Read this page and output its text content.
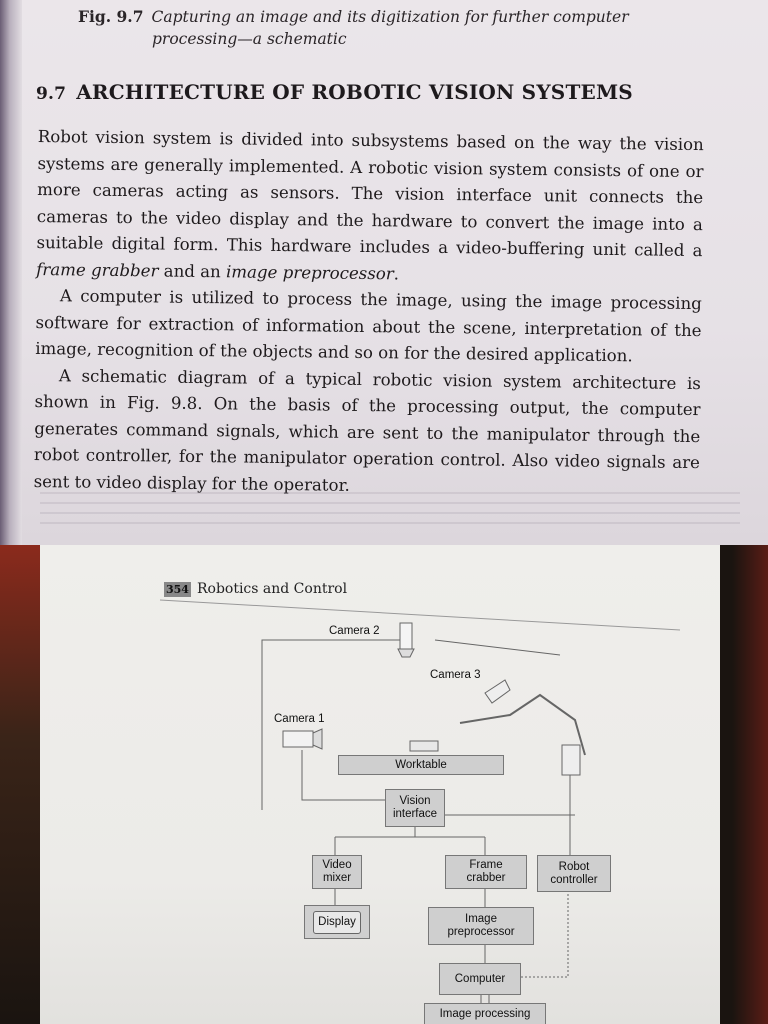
Fig. 9.7 Capturing an image and its digitization for further computer
processing—a schematic
9.7 ARCHITECTURE OF ROBOTIC VISION SYSTEMS

Robot vision system is divided into subsystems based on the way the vision systems are generally implemented. A robotic vision system consists of one or more cameras acting as sensors. The vision interface unit connects the cameras to the video display and the hardware to convert the image into a suitable digital form. This hardware includes a video-buffering unit called a frame grabber and an image preprocessor.

A computer is utilized to process the image, using the image processing software for extraction of information about the scene, interpretation of the image, recognition of the objects and so on for the desired application.

A schematic diagram of a typical robotic vision system architecture is shown in Fig. 9.8. On the basis of the processing output, the computer generates command signals, which are sent to the manipulator through the robot controller, for the manipulator operation control. Also video signals are sent to video display for the operator.

354 Robotics and Control
Camera 2
Camera 3
Camera 1
Worktable
Vision
interface
Video
mixer
Frame
crabber
Robot
controller
Display	Image
preprocessor
Computer
Image processing
